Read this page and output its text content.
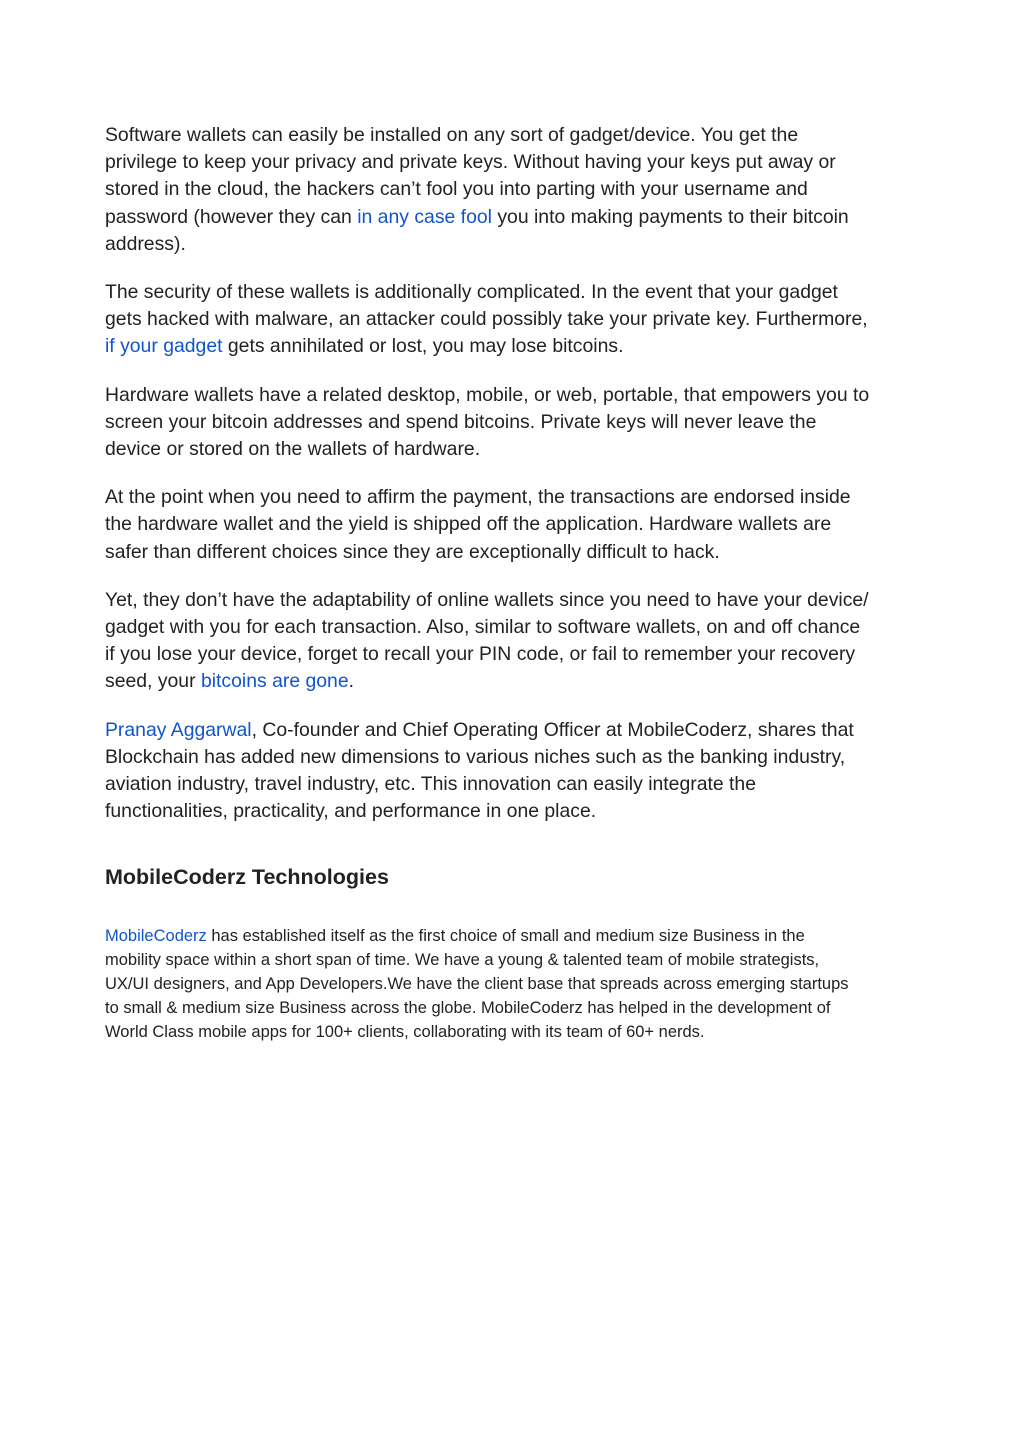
Software wallets can easily be installed on any sort of gadget/device. You get the
privilege to keep your privacy and private keys. Without having your keys put away or
stored in the cloud, the hackers can’t fool you into parting with your username and
password (however they can in any case fool you into making payments to their bitcoin
address).

The security of these wallets is additionally complicated. In the event that your gadget
gets hacked with malware, an attacker could possibly take your private key. Furthermore,
if your gadget gets annihilated or lost, you may lose bitcoins.

Hardware wallets have a related desktop, mobile, or web, portable, that empowers you to
screen your bitcoin addresses and spend bitcoins. Private keys will never leave the
device or stored on the wallets of hardware.

At the point when you need to affirm the payment, the transactions are endorsed inside
the hardware wallet and the yield is shipped off the application. Hardware wallets are
safer than different choices since they are exceptionally difficult to hack.

Yet, they don’t have the adaptability of online wallets since you need to have your device/
gadget with you for each transaction. Also, similar to software wallets, on and off chance
if you lose your device, forget to recall your PIN code, or fail to remember your recovery
seed, your bitcoins are gone.

Pranay Aggarwal, Co-founder and Chief Operating Officer at MobileCoderz, shares that
Blockchain has added new dimensions to various niches such as the banking industry,
aviation industry, travel industry, etc. This innovation can easily integrate the
functionalities, practicality, and performance in one place.

MobileCoderz Technologies
MobileCoderz has established itself as the first choice of small and medium size Business in the
mobility space within a short span of time. We have a young & talented team of mobile strategists,
UX/UI designers, and App Developers.We have the client base that spreads across emerging startups
to small & medium size Business across the globe. MobileCoderz has helped in the development of
World Class mobile apps for 100+ clients, collaborating with its team of 60+ nerds.
